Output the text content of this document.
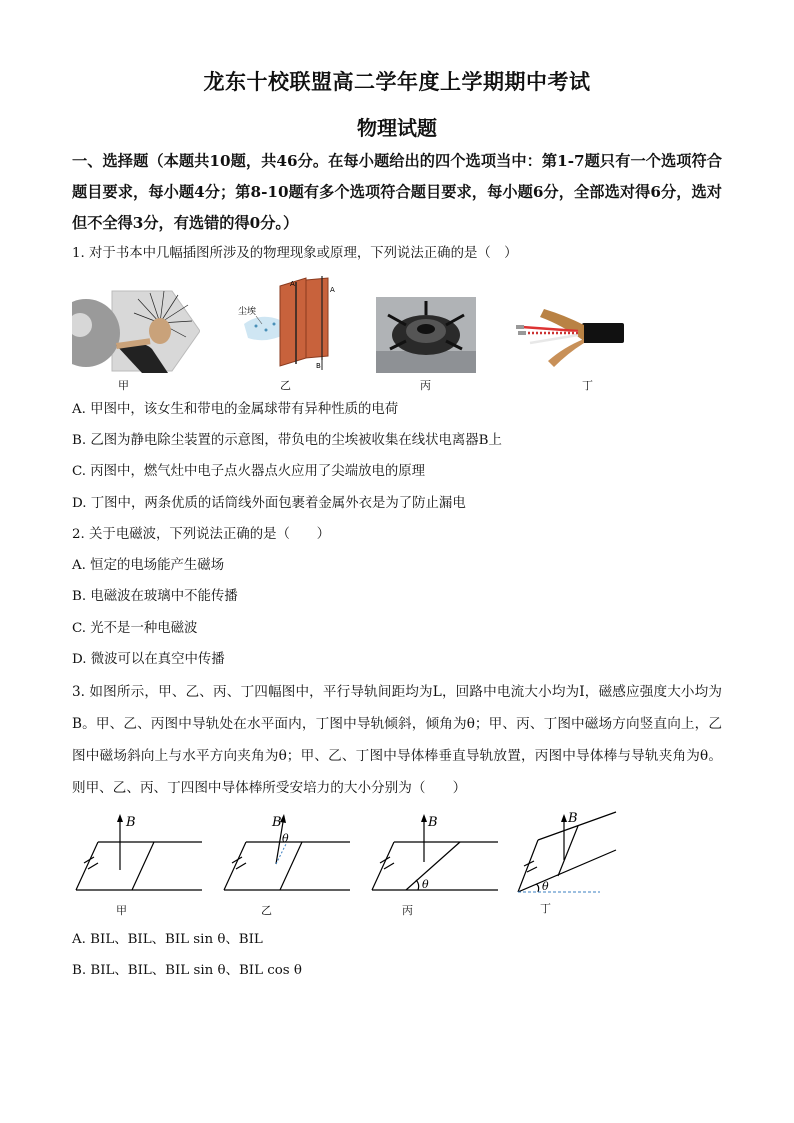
龙东十校联盟高二学年度上学期期中考试
物理试题
一、选择题（本题共10题，共46分。在每小题给出的四个选项当中：第1-7题只有一个选项符合题目要求，每小题4分；第8-10题有多个选项符合题目要求，每小题6分，全部选对得6分，选对但不全得3分，有选错的得0分。）
1. 对于书本中几幅插图所涉及的物理现象或原理，下列说法正确的是（　）
甲
A
A
B
尘埃
乙	丙	丁
A. 甲图中，该女生和带电的金属球带有异种性质的电荷
B. 乙图为静电除尘装置的示意图，带负电的尘埃被收集在线状电离器B上
C. 丙图中，燃气灶中电子点火器点火应用了尖端放电的原理
D. 丁图中，两条优质的话筒线外面包裹着金属外衣是为了防止漏电
2. 关于电磁波，下列说法正确的是（　　）
A. 恒定的电场能产生磁场
B. 电磁波在玻璃中不能传播
C. 光不是一种电磁波
D. 微波可以在真空中传播
3. 如图所示，甲、乙、丙、丁四幅图中，平行导轨间距均为L，回路中电流大小均为I，磁感应强度大小均为B。甲、乙、丙图中导轨处在水平面内，丁图中导轨倾斜，倾角为θ；甲、丙、丁图中磁场方向竖直向上，乙图中磁场斜向上与水平方向夹角为θ；甲、乙、丁图中导体棒垂直导轨放置，丙图中导体棒与导轨夹角为θ。则甲、乙、丙、丁四图中导体棒所受安培力的大小分别为（　　）
B
甲
B
θ
乙
B
θ
丙
B
θ
丁
A. BIL、BIL、BIL sin θ、BIL
B. BIL、BIL、BIL sin θ、BIL cos θ
